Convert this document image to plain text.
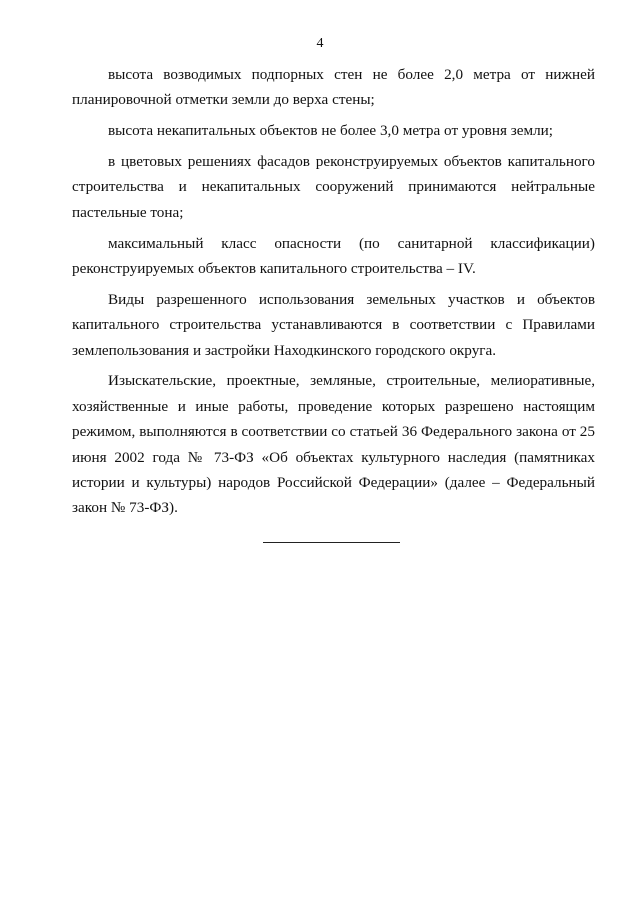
4

высота возводимых подпорных стен не более 2,0 метра от нижней планировочной отметки земли до верха стены;

высота некапитальных объектов не более 3,0 метра от уровня земли;

в цветовых решениях фасадов реконструируемых объектов капитального строительства и некапитальных сооружений принимаются нейтральные пастельные тона;

максимальный класс опасности (по санитарной классификации) реконструируемых объектов капитального строительства – IV.

Виды разрешенного использования земельных участков и объектов капитального строительства устанавливаются в соответствии с Правилами землепользования и застройки Находкинского городского округа.

Изыскательские, проектные, земляные, строительные, мелиоративные, хозяйственные и иные работы, проведение которых разрешено настоящим режимом, выполняются в соответствии со статьей 36 Федерального закона от 25 июня 2002 года № 73-ФЗ «Об объектах культурного наследия (памятниках истории и культуры) народов Российской Федерации» (далее – Федеральный закон № 73-ФЗ).
